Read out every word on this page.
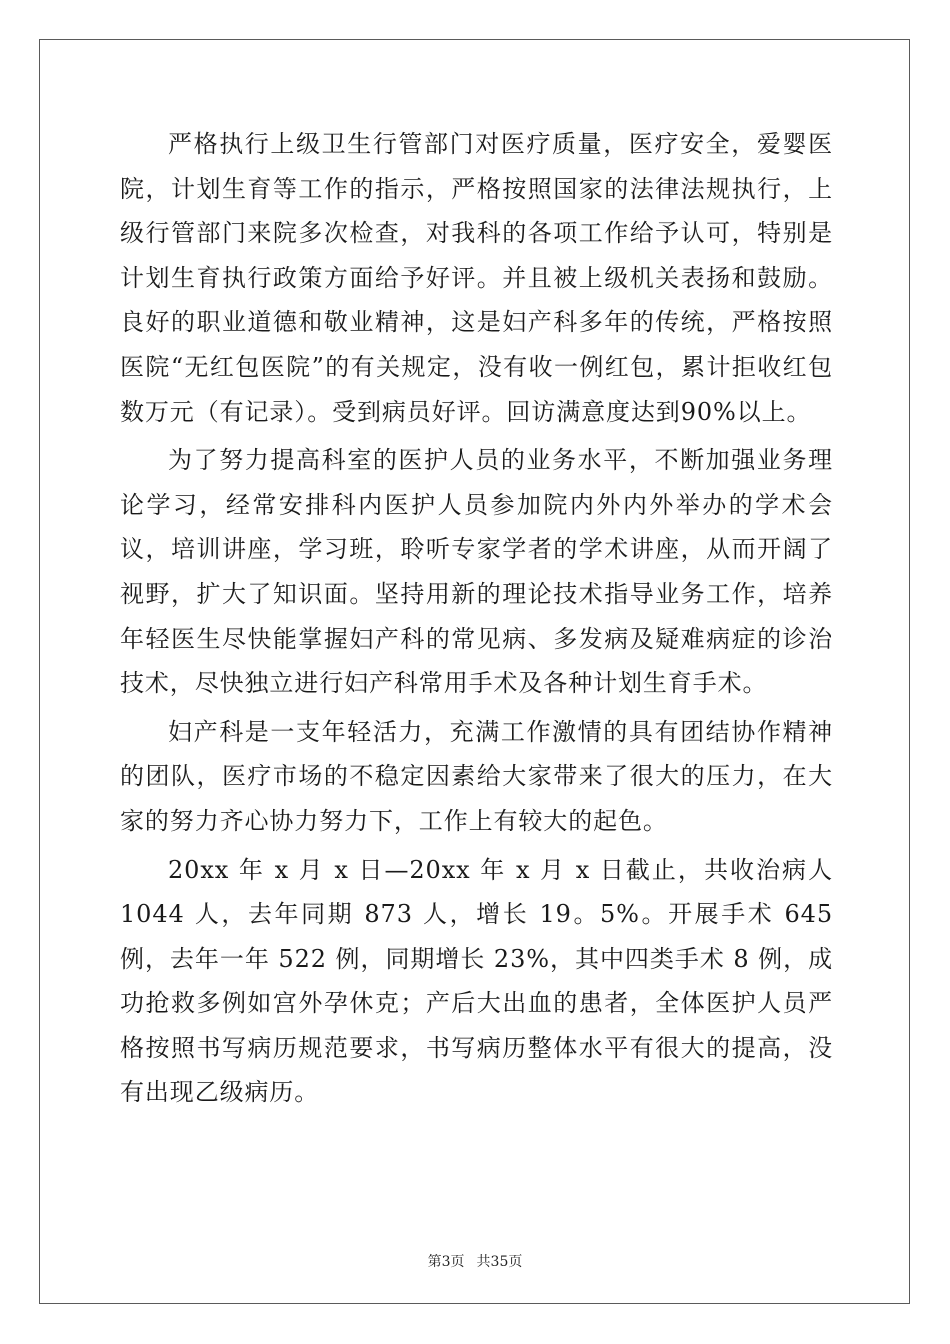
严格执行上级卫生行管部门对医疗质量，医疗安全，爱婴医院，计划生育等工作的指示，严格按照国家的法律法规执行，上级行管部门来院多次检查，对我科的各项工作给予认可，特别是计划生育执行政策方面给予好评。并且被上级机关表扬和鼓励。良好的职业道德和敬业精神，这是妇产科多年的传统，严格按照医院“无红包医院”的有关规定，没有收一例红包，累计拒收红包数万元（有记录）。受到病员好评。回访满意度达到90%以上。

为了努力提高科室的医护人员的业务水平，不断加强业务理论学习，经常安排科内医护人员参加院内外内外举办的学术会议，培训讲座，学习班，聆听专家学者的学术讲座，从而开阔了视野，扩大了知识面。坚持用新的理论技术指导业务工作，培养年轻医生尽快能掌握妇产科的常见病、多发病及疑难病症的诊治技术，尽快独立进行妇产科常用手术及各种计划生育手术。

妇产科是一支年轻活力，充满工作激情的具有团结协作精神的团队，医疗市场的不稳定因素给大家带来了很大的压力，在大家的努力齐心协力努力下，工作上有较大的起色。

20xx 年 x 月 x 日—20xx 年 x 月 x 日截止，共收治病人 1044 人，去年同期 873 人，增长 19。5%。开展手术 645 例，去年一年 522 例，同期增长 23%，其中四类手术 8 例，成功抢救多例如宫外孕休克；产后大出血的患者，全体医护人员严格按照书写病历规范要求，书写病历整体水平有很大的提高，没有出现乙级病历。

第3页 共35页
